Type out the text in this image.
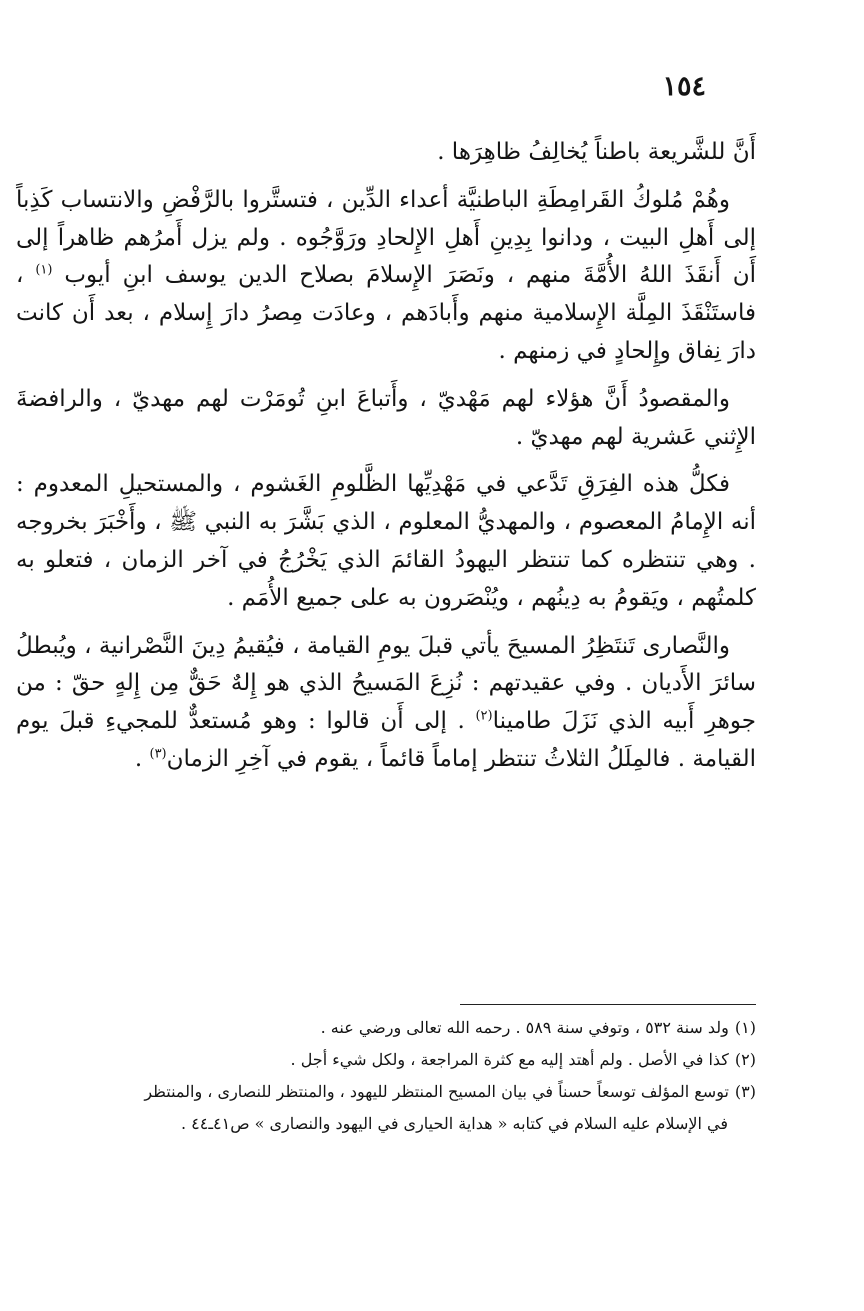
١٥٤

أَنَّ للشَّريعة باطناً يُخالِفُ ظاهِرَها .

وهُمْ مُلوكُ القَرامِطَةِ الباطنيَّة أعداء الدِّين ، فتستَّروا بالرَّفْضِ والانتساب كَذِباً إلى أَهلِ البيت ، ودانوا بِدِينِ أَهلِ الإِلحادِ ورَوَّجُوه . ولم يزل أَمرُهم ظاهراً إلى أَن أَنقَذَ اللهُ الأُمَّةَ منهم ، ونَصَرَ الإِسلامَ بصلاح الدين يوسف ابنِ أيوب $^{(١)}$ ، فاستَنْقَذَ المِلَّة الإِسلامية منهم وأَبادَهم ، وعادَت مِصرُ دارَ إِسلام ، بعد أَن كانت دارَ نِفاق وإِلحادٍ في زمنهم .

والمقصودُ أَنَّ هؤلاء لهم مَهْديّ ، وأَتباعَ ابنِ تُومَرْت لهم مهديّ ، والرافضةَ الإِثني عَشرية لهم مهديّ .

فكلُّ هذه الفِرَقِ تَدَّعي في مَهْدِيِّها الظَّلومِ الغَشوم ، والمستحيلِ المعدوم : أنه الإِمامُ المعصوم ، والمهديُّ المعلوم ، الذي بَشَّرَ به النبي ﷺ ، وأَخْبَرَ بخروجه . وهي تنتظره كما تنتظر اليهودُ القائمَ الذي يَخْرُجُ في آخر الزمان ، فتعلو به كلمتُهم ، ويَقومُ به دِينُهم ، ويُنْصَرون به على جميع الأُمَم .

والنَّصارى تَنتَظِرُ المسيحَ يأتي قبلَ يومِ القيامة ، فيُقيمُ دِينَ النَّصْرانية ، ويُبطلُ سائرَ الأَديان . وفي عقيدتهم : نُزِعَ المَسيحُ الذي هو إِلهٌ حَقٌّ مِن إِلهٍ حقّ : من جوهرِ أَبيه الذي نَزَلَ طامينا$^{(٢)}$ . إلى أَن قالوا : وهو مُستعدٌّ للمجيءِ قبلَ يوم القيامة . فالمِلَلُ الثلاثُ تنتظر إماماً قائماً ، يقوم في آخِرِ الزمان$^{(٣)}$ .

(١)ولد سنة ٥٣٢ ، وتوفي سنة ٥٨٩ . رحمه الله تعالى ورضي عنه .

(٢)كذا في الأصل . ولم أهتد إليه مع كثرة المراجعة ، ولكل شيء أجل .

(٣)توسع المؤلف توسعاً حسناً في بيان المسيح المنتظر لليهود ، والمنتظر للنصارى ، والمنتظر
في الإسلام عليه السلام في كتابه « هداية الحيارى في اليهود والنصارى » ص٤١ـ٤٤ .
